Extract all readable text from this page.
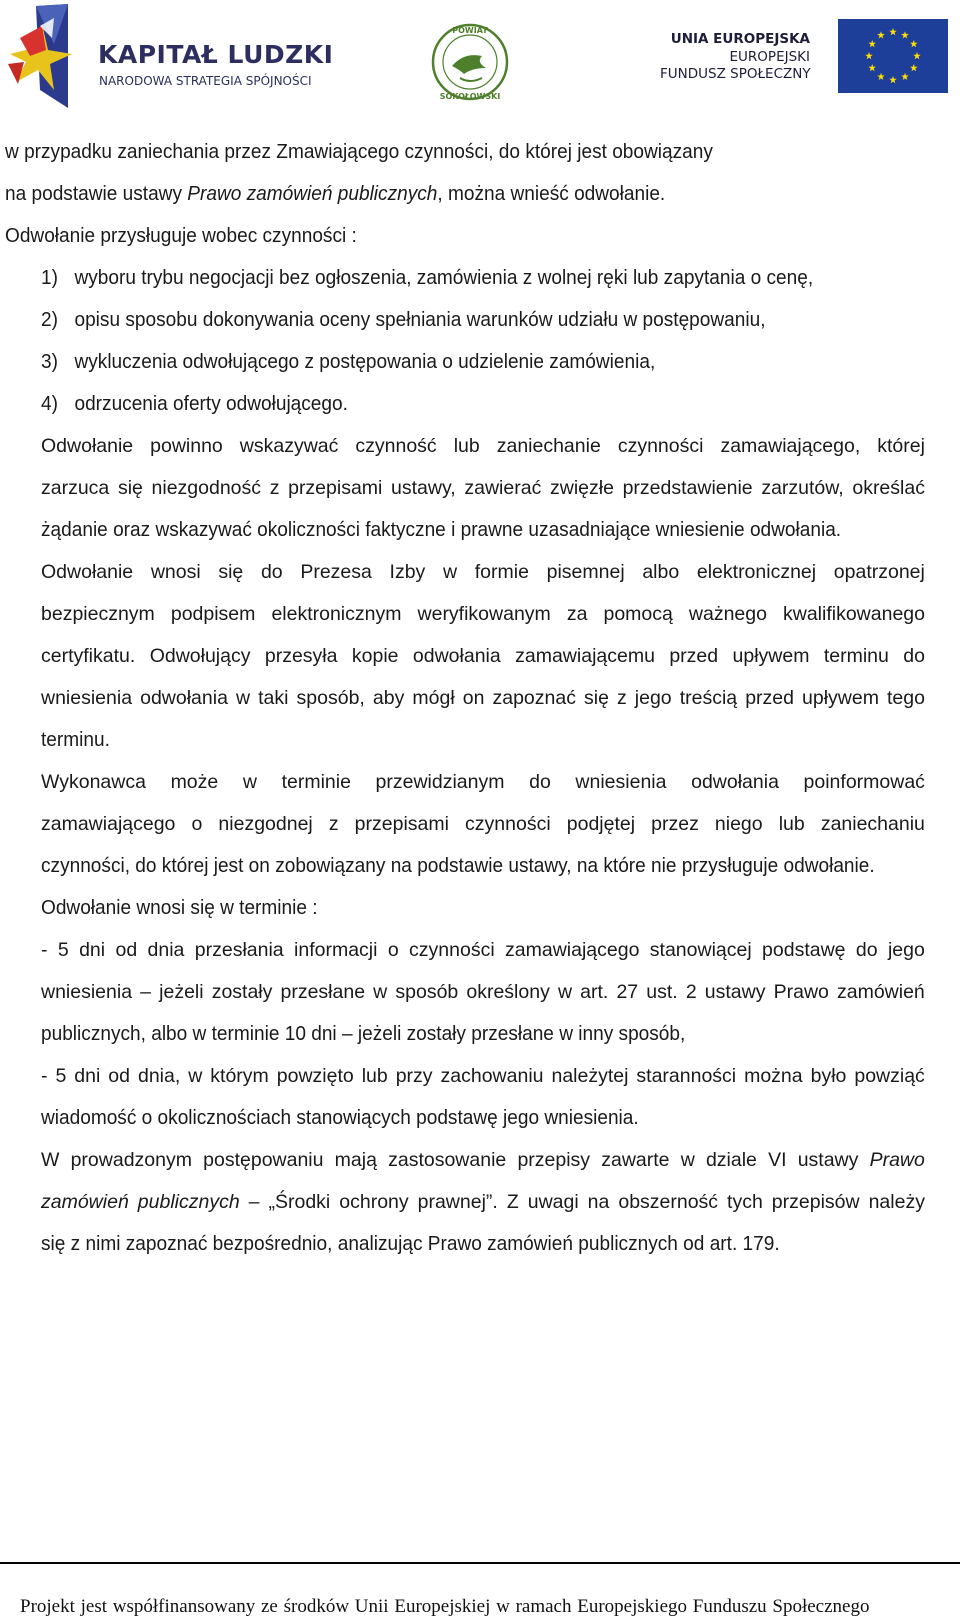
KAPITAŁ LUDZKI
NARODOWA STRATEGIA SPÓJNOŚCI
POWIAT
SOKOŁOWSKI
UNIA EUROPEJSKA
EUROPEJSKI
FUNDUSZ SPOŁECZNY
w przypadku zaniechania przez Zmawiającego czynności, do której jest obowiązany
na podstawie ustawy Prawo zamówień publicznych, można wnieść odwołanie.
Odwołanie przysługuje wobec czynności :
1) wyboru trybu negocjacji bez ogłoszenia, zamówienia z wolnej ręki lub zapytania o cenę,
2) opisu sposobu dokonywania oceny spełniania warunków udziału w postępowaniu,
3) wykluczenia odwołującego z postępowania o udzielenie zamówienia,
4) odrzucenia oferty odwołującego.
Odwołanie powinno wskazywać czynność lub zaniechanie czynności zamawiającego, której
zarzuca się niezgodność z przepisami ustawy, zawierać zwięzłe przedstawienie zarzutów, określać
żądanie oraz wskazywać okoliczności faktyczne i prawne uzasadniające wniesienie odwołania.
Odwołanie wnosi się do Prezesa Izby w formie pisemnej albo elektronicznej opatrzonej
bezpiecznym podpisem elektronicznym weryfikowanym za pomocą ważnego kwalifikowanego
certyfikatu. Odwołujący przesyła kopie odwołania zamawiającemu przed upływem terminu do
wniesienia odwołania w taki sposób, aby mógł on zapoznać się z jego treścią przed upływem tego
terminu.
Wykonawca może w terminie przewidzianym do wniesienia odwołania poinformować
zamawiającego o niezgodnej z przepisami czynności podjętej przez niego lub zaniechaniu
czynności, do której jest on zobowiązany na podstawie ustawy, na które nie przysługuje odwołanie.
Odwołanie wnosi się w terminie :
- 5 dni od dnia przesłania informacji o czynności zamawiającego stanowiącej podstawę do jego
wniesienia – jeżeli zostały przesłane w sposób określony w art. 27 ust. 2 ustawy Prawo zamówień
publicznych, albo w terminie 10 dni – jeżeli zostały przesłane w inny sposób,
- 5 dni od dnia, w którym powzięto lub przy zachowaniu należytej staranności można było powziąć
wiadomość o okolicznościach stanowiących podstawę jego wniesienia.
W prowadzonym postępowaniu mają zastosowanie przepisy zawarte w dziale VI ustawy Prawo
zamówień publicznych – „Środki ochrony prawnej”. Z uwagi na obszerność tych przepisów należy
się z nimi zapoznać bezpośrednio, analizując Prawo zamówień publicznych od art. 179.
Projekt jest współfinansowany ze środków Unii Europejskiej w ramach Europejskiego Funduszu Społecznego
